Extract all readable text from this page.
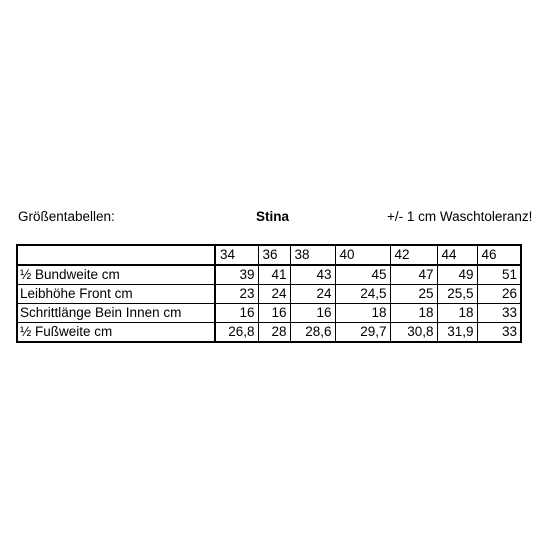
Größentabellen:	Stina	+/- 1 cm Waschtoleranz!
	34	36	38	40	42	44	46
½ Bundweite cm	39	41	43	45	47	49	51
Leibhöhe Front cm	23	24	24	24,5	25	25,5	26
Schrittlänge Bein Innen cm	16	16	16	18	18	18	33
½ Fußweite cm	26,8	28	28,6	29,7	30,8	31,9	33
